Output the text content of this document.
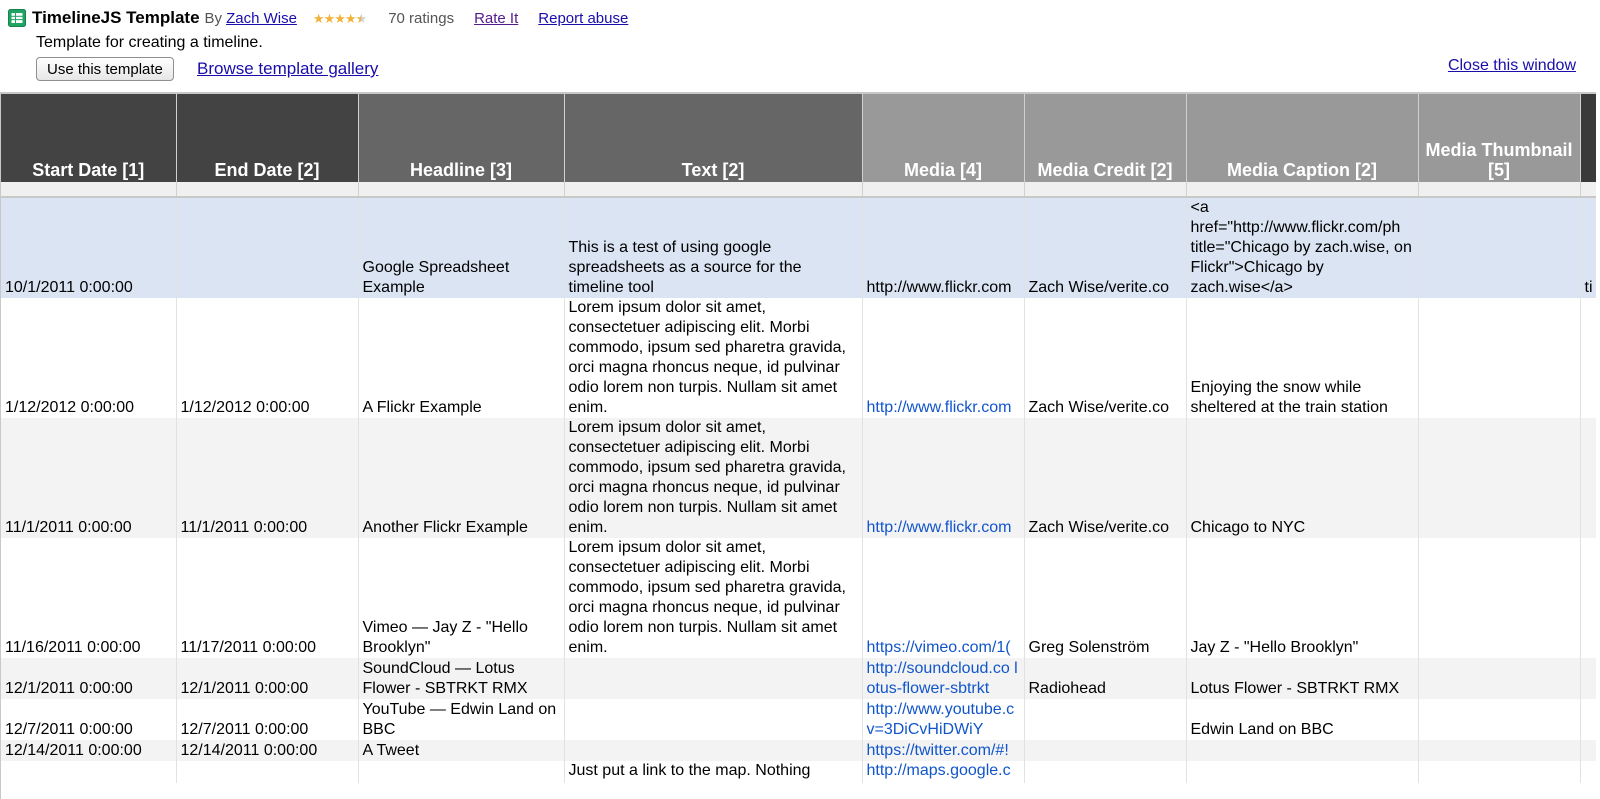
TimelineJS Template By Zach Wise ★ ★ ★ ★ ★ 70 ratings Rate It Report abuse
Template for creating a timeline.
Use this template	Browse template gallery	Close this window
Start Date [1]	End Date [2]	Headline [3]	Text [2]	Media [4]	Media Credit [2]	Media Caption [2]	Media Thumbnail [5]	

10/1/2011 0:00:00		Google Spreadsheet Example	This is a test of using google spreadsheets as a source for the timeline tool	http://www.flickr.com	Zach Wise/verite.co	<a href="http://www.flickr.com/ph title="Chicago by zach.wise, on Flickr">Chicago by zach.wise</a>		ti
1/12/2012 0:00:00	1/12/2012 0:00:00	A Flickr Example	Lorem ipsum dolor sit amet, consectetuer adipiscing elit. Morbi commodo, ipsum sed pharetra gravida, orci magna rhoncus neque, id pulvinar odio lorem non turpis. Nullam sit amet enim.	http://www.flickr.com	Zach Wise/verite.co	Enjoying the snow while sheltered at the train station		
11/1/2011 0:00:00	11/1/2011 0:00:00	Another Flickr Example	Lorem ipsum dolor sit amet, consectetuer adipiscing elit. Morbi commodo, ipsum sed pharetra gravida, orci magna rhoncus neque, id pulvinar odio lorem non turpis. Nullam sit amet enim.	http://www.flickr.com	Zach Wise/verite.co	Chicago to NYC		
11/16/2011 0:00:00	11/17/2011 0:00:00	Vimeo — Jay Z - "Hello Brooklyn"	Lorem ipsum dolor sit amet, consectetuer adipiscing elit. Morbi commodo, ipsum sed pharetra gravida, orci magna rhoncus neque, id pulvinar odio lorem non turpis. Nullam sit amet enim.	https://vimeo.com/1(	Greg Solenström	Jay Z - "Hello Brooklyn"		
12/1/2011 0:00:00	12/1/2011 0:00:00	SoundCloud — Lotus Flower - SBTRKT RMX		http://soundcloud.co lotus-flower-sbtrkt	Radiohead	Lotus Flower - SBTRKT RMX		
12/7/2011 0:00:00	12/7/2011 0:00:00	YouTube — Edwin Land on BBC		http://www.youtube.c v=3DiCvHiDWiY		Edwin Land on BBC		
12/14/2011 0:00:00	12/14/2011 0:00:00	A Tweet		https://twitter.com/#!				
			Just put a link to the map. Nothing	http://maps.google.c				
